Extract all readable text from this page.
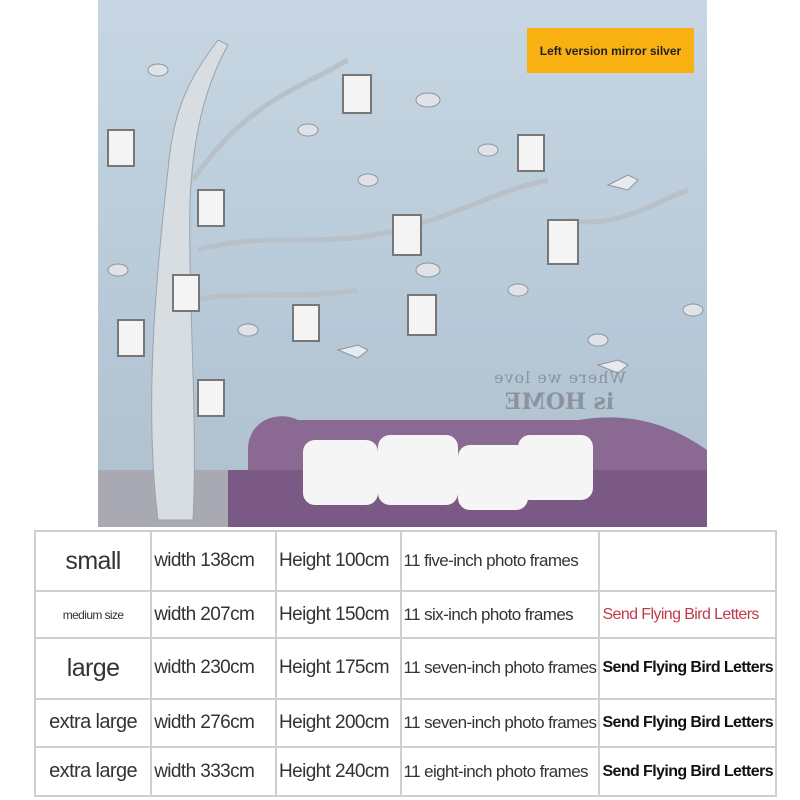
Where we love
is HOME
Left version mirror silver
small	width 138cm	Height 100cm	11 five-inch photo frames	
medium size	width 207cm	Height 150cm	11 six-inch photo frames	Send Flying Bird Letters
large	width 230cm	Height 175cm	11 seven-inch photo frames	Send Flying Bird Letters
extra large	width 276cm	Height 200cm	11 seven-inch photo frames	Send Flying Bird Letters
extra large	width 333cm	Height 240cm	11 eight-inch photo frames	Send Flying Bird Letters
